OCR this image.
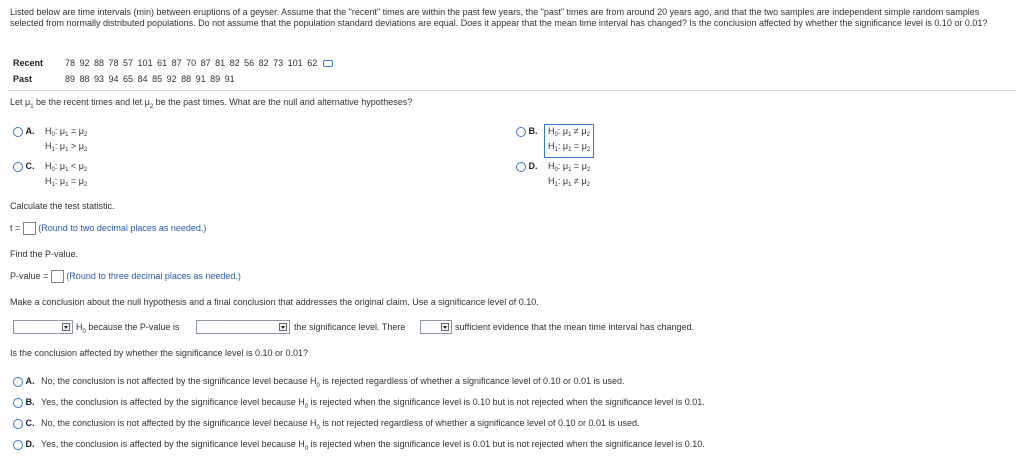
Listed below are time intervals (min) between eruptions of a geyser. Assume that the "recent" times are within the past few years, the "past" times are from around 20 years ago, and that the two samples are independent simple random samples selected from normally distributed populations. Do not assume that the population standard deviations are equal. Does it appear that the mean time interval has changed? Is the conclusion affected by whether the significance level is 0.10 or 0.01?
Recent	78 92 88 78 57 101 61 87 70 87 81 82 56 82 73 101 62
Past	89 88 93 94 65 84 85 92 88 91 89 91
Let $\mu_1$ be the recent times and let $\mu_2$ be the past times. What are the null and alternative hypotheses?
A. $H_0$: $\mu_1 = \mu_2$
$H_1$: $\mu_1 > \mu_2$
B. $H_0$: $\mu_1 \ne \mu_2$
$H_1$: $\mu_1 = \mu_2$
C. $H_0$: $\mu_1 < \mu_2$
$H_1$: $\mu_1 = \mu_2$
D. $H_0$: $\mu_1 = \mu_2$
$H_1$: $\mu_1 \ne \mu_2$
Calculate the test statistic.
t = (Round to two decimal places as needed.)
Find the P-value.
P-value = (Round to three decimal places as needed.)
Make a conclusion about the null hypothesis and a final conclusion that addresses the original claim. Use a significance level of 0.10.
$H_0$ because the P-value is	the significance level. There	sufficient evidence that the mean time interval has changed.
Is the conclusion affected by whether the significance level is 0.10 or 0.01?
A. No, the conclusion is not affected by the significance level because $H_0$ is rejected regardless of whether a significance level of 0.10 or 0.01 is used.
B. Yes, the conclusion is affected by the significance level because $H_0$ is rejected when the significance level is 0.10 but is not rejected when the significance level is 0.01.
C. No, the conclusion is not affected by the significance level because $H_0$ is not rejected regardless of whether a significance level of 0.10 or 0.01 is used.
D. Yes, the conclusion is affected by the significance level because $H_0$ is rejected when the significance level is 0.01 but is not rejected when the significance level is 0.10.
